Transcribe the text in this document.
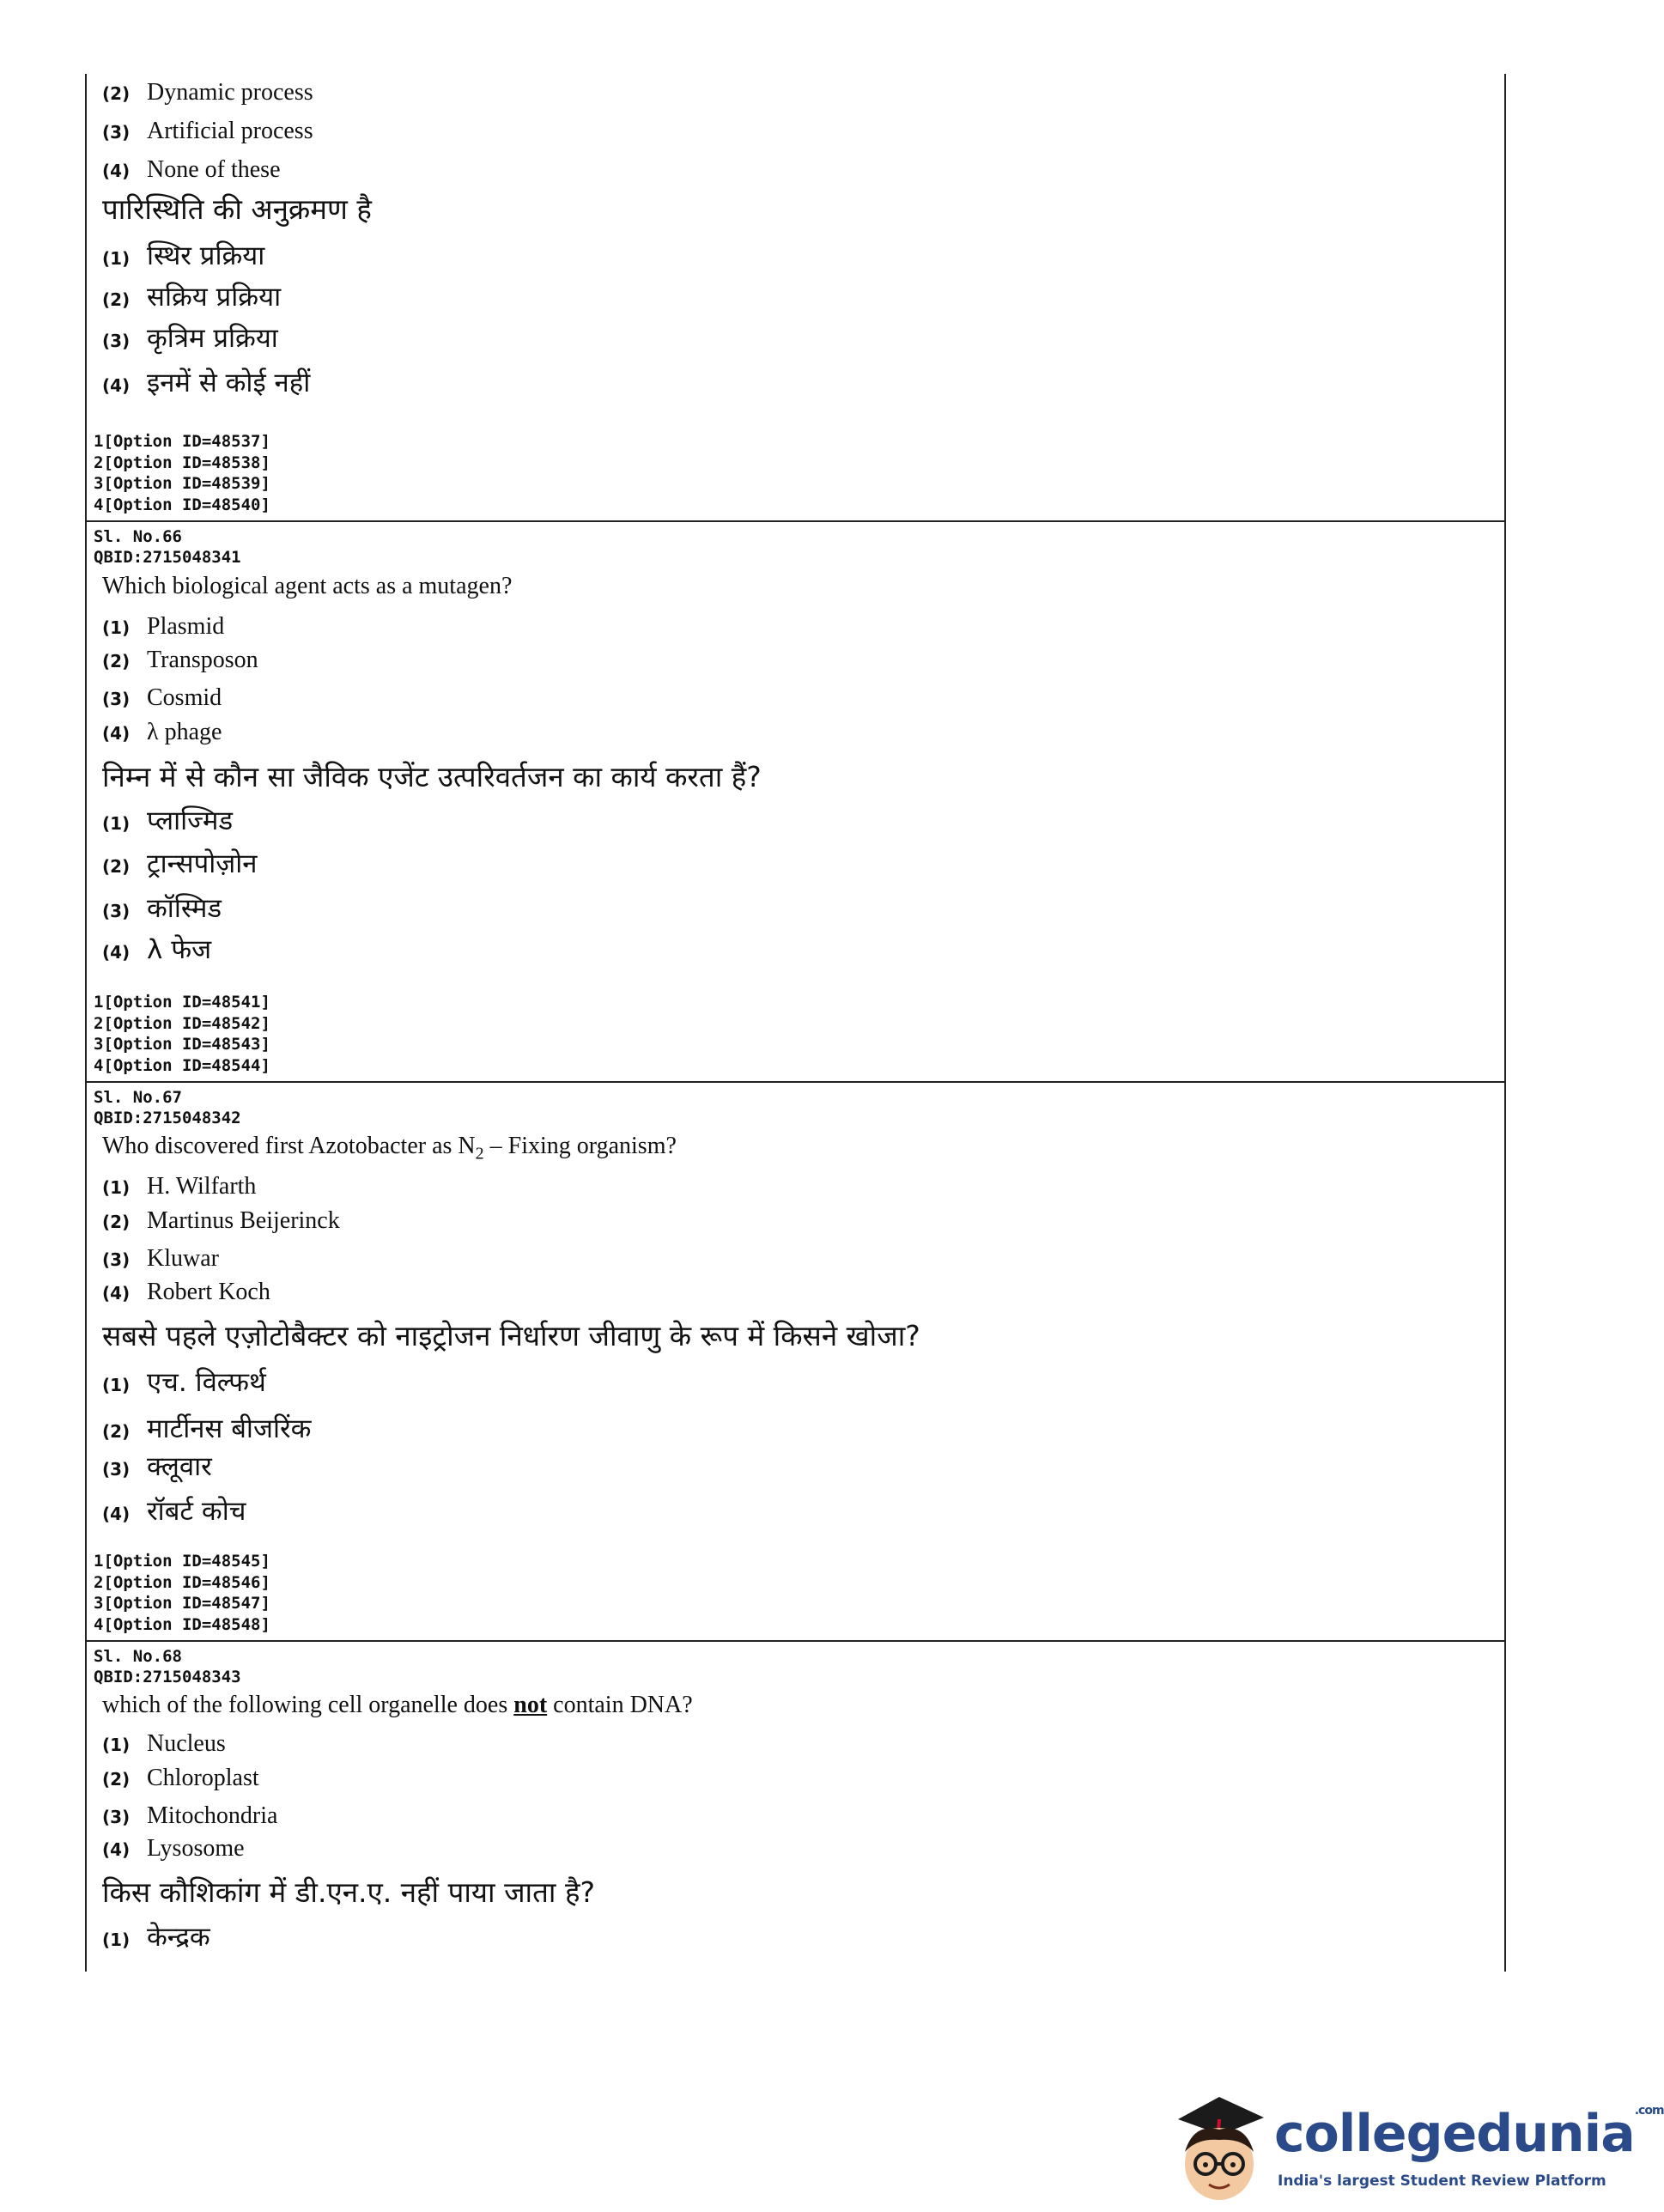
(2) Dynamic process
(3) Artificial process
(4) None of these
पारिस्थिति की अनुक्रमण है
(1) स्थिर प्रक्रिया
(2) सक्रिय प्रक्रिया
(3) कृत्रिम प्रक्रिया
(4) इनमें से कोई नहीं
1[Option ID=48537]
2[Option ID=48538]
3[Option ID=48539]
4[Option ID=48540]
Sl. No.66
QBID:2715048341
Which biological agent acts as a mutagen?
(1) Plasmid
(2) Transposon
(3) Cosmid
(4) λ phage
निम्न में से कौन सा जैविक एजेंट उत्परिवर्तजन का कार्य करता हैं?
(1) प्लाज्मिड
(2) ट्रान्सपोज़ोन
(3) कॉस्मिड
(4) λ फेज
1[Option ID=48541]
2[Option ID=48542]
3[Option ID=48543]
4[Option ID=48544]
Sl. No.67
QBID:2715048342
Who discovered first Azotobacter as $N_2$ – Fixing organism?
(1) H. Wilfarth
(2) Martinus Beijerinck
(3) Kluwar
(4) Robert Koch
सबसे पहले एज़ोटोबैक्टर को नाइट्रोजन निर्धारण जीवाणु के रूप में किसने खोजा?
(1) एच. विल्फर्थ
(2) मार्टीनस बीजरिंक
(3) क्लूवार
(4) रॉबर्ट कोच
1[Option ID=48545]
2[Option ID=48546]
3[Option ID=48547]
4[Option ID=48548]
Sl. No.68
QBID:2715048343
which of the following cell organelle does not contain DNA?
(1) Nucleus
(2) Chloroplast
(3) Mitochondria
(4) Lysosome
किस कौशिकांग में डी.एन.ए. नहीं पाया जाता है?
(1) केन्द्रक
collegedunia$^{.com}$
India's largest Student Review Platform
